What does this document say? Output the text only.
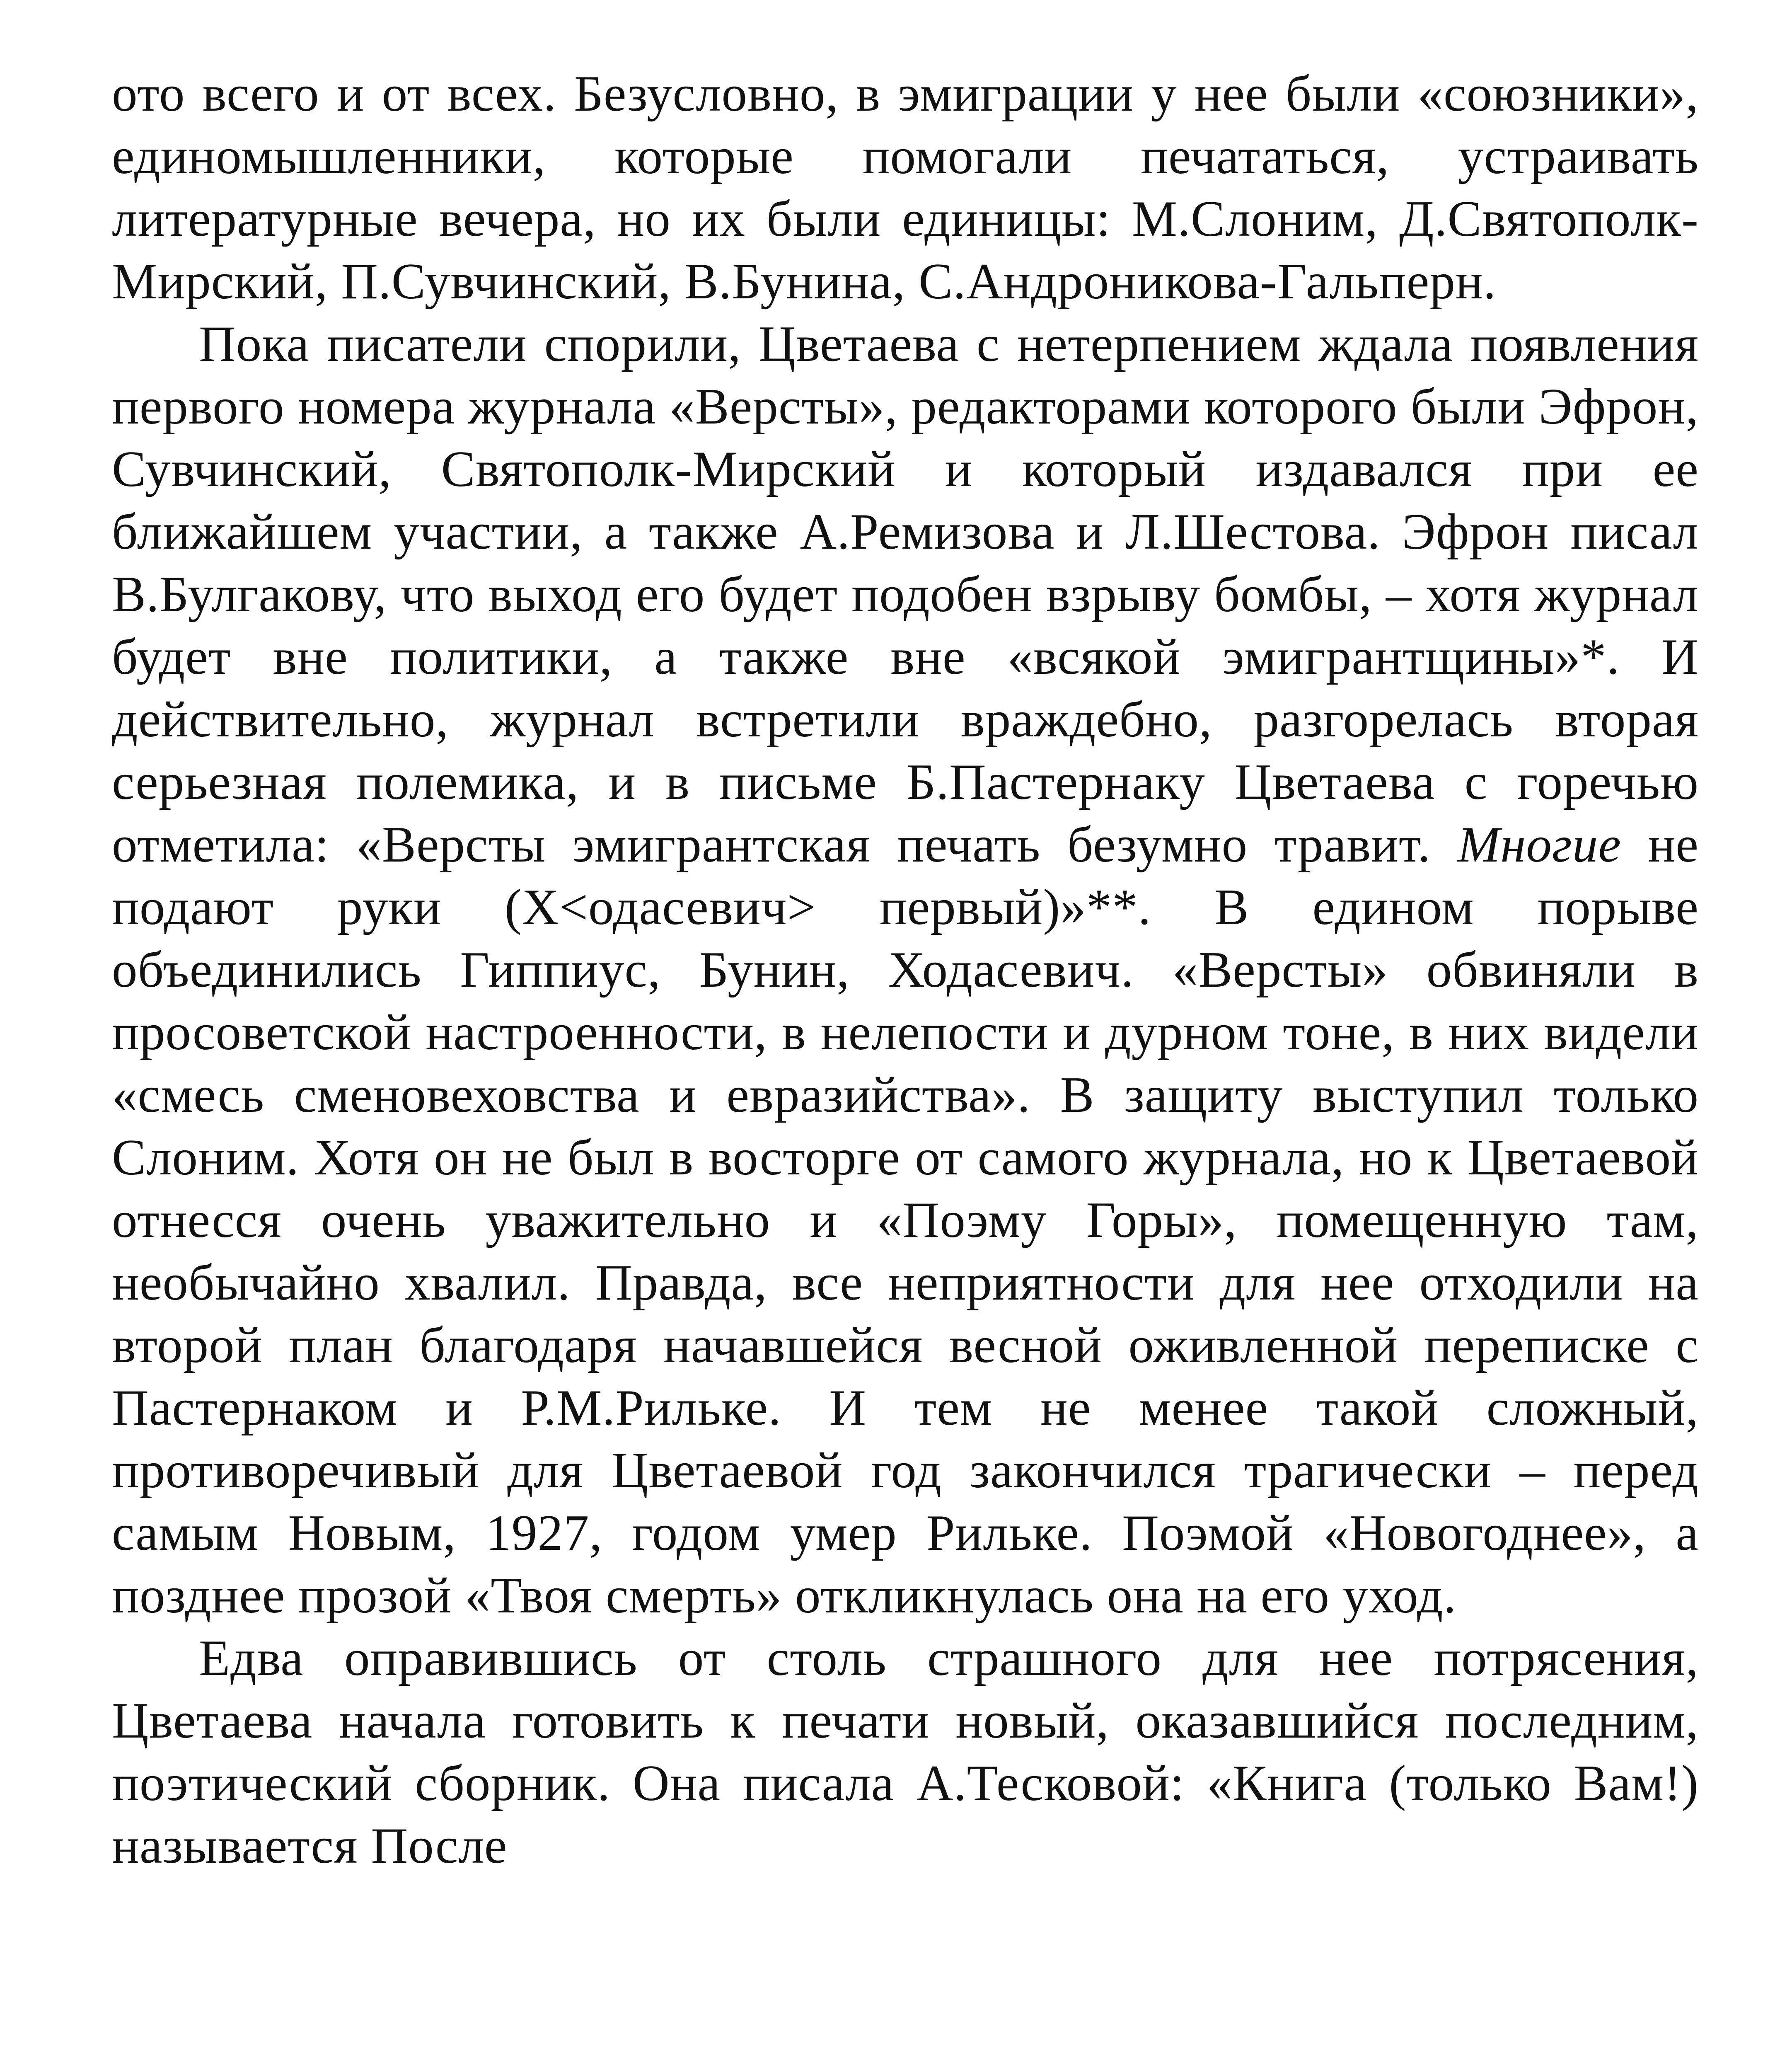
ото всего и от всех. Безусловно, в эмиграции у нее были «союзники», единомышленники, которые помогали печататься, устраивать литературные вечера, но их были единицы: М.Слоним, Д.Святополк-Мирский, П.Сувчинский, В.Бунина, С.Андроникова-Гальперн.

Пока писатели спорили, Цветаева с нетерпением ждала появления первого номера журнала «Версты», редакторами которого были Эфрон, Сувчинский, Святополк-Мирский и который издавался при ее ближайшем участии, а также А.Ремизова и Л.Шестова. Эфрон писал В.Булгакову, что выход его будет подобен взрыву бомбы, – хотя журнал будет вне политики, а также вне «всякой эмигрантщины»*. И действительно, журнал встретили враждебно, разгорелась вторая серьезная полемика, и в письме Б.Пастернаку Цветаева с горечью отметила: «Версты эмигрантская печать безумно травит. Многие не подают руки (Х<одасевич> первый)»**. В едином порыве объединились Гиппиус, Бунин, Ходасевич. «Версты» обвиняли в просоветской настроенности, в нелепости и дурном тоне, в них видели «смесь сменовеховства и евразийства». В защиту выступил только Слоним. Хотя он не был в восторге от самого журнала, но к Цветаевой отнесся очень уважительно и «Поэму Горы», помещенную там, необычайно хвалил. Правда, все неприятности для нее отходили на второй план благодаря начавшейся весной оживленной переписке с Пастернаком и Р.М.Рильке. И тем не менее такой сложный, противоречивый для Цветаевой год закончился трагически – перед самым Новым, 1927, годом умер Рильке. Поэмой «Новогоднее», а позднее прозой «Твоя смерть» откликнулась она на его уход.

Едва оправившись от столь страшного для нее потрясения, Цветаева начала готовить к печати новый, оказавшийся последним, поэтический сборник. Она писала А.Тесковой: «Книга (только Вам!) называется После
